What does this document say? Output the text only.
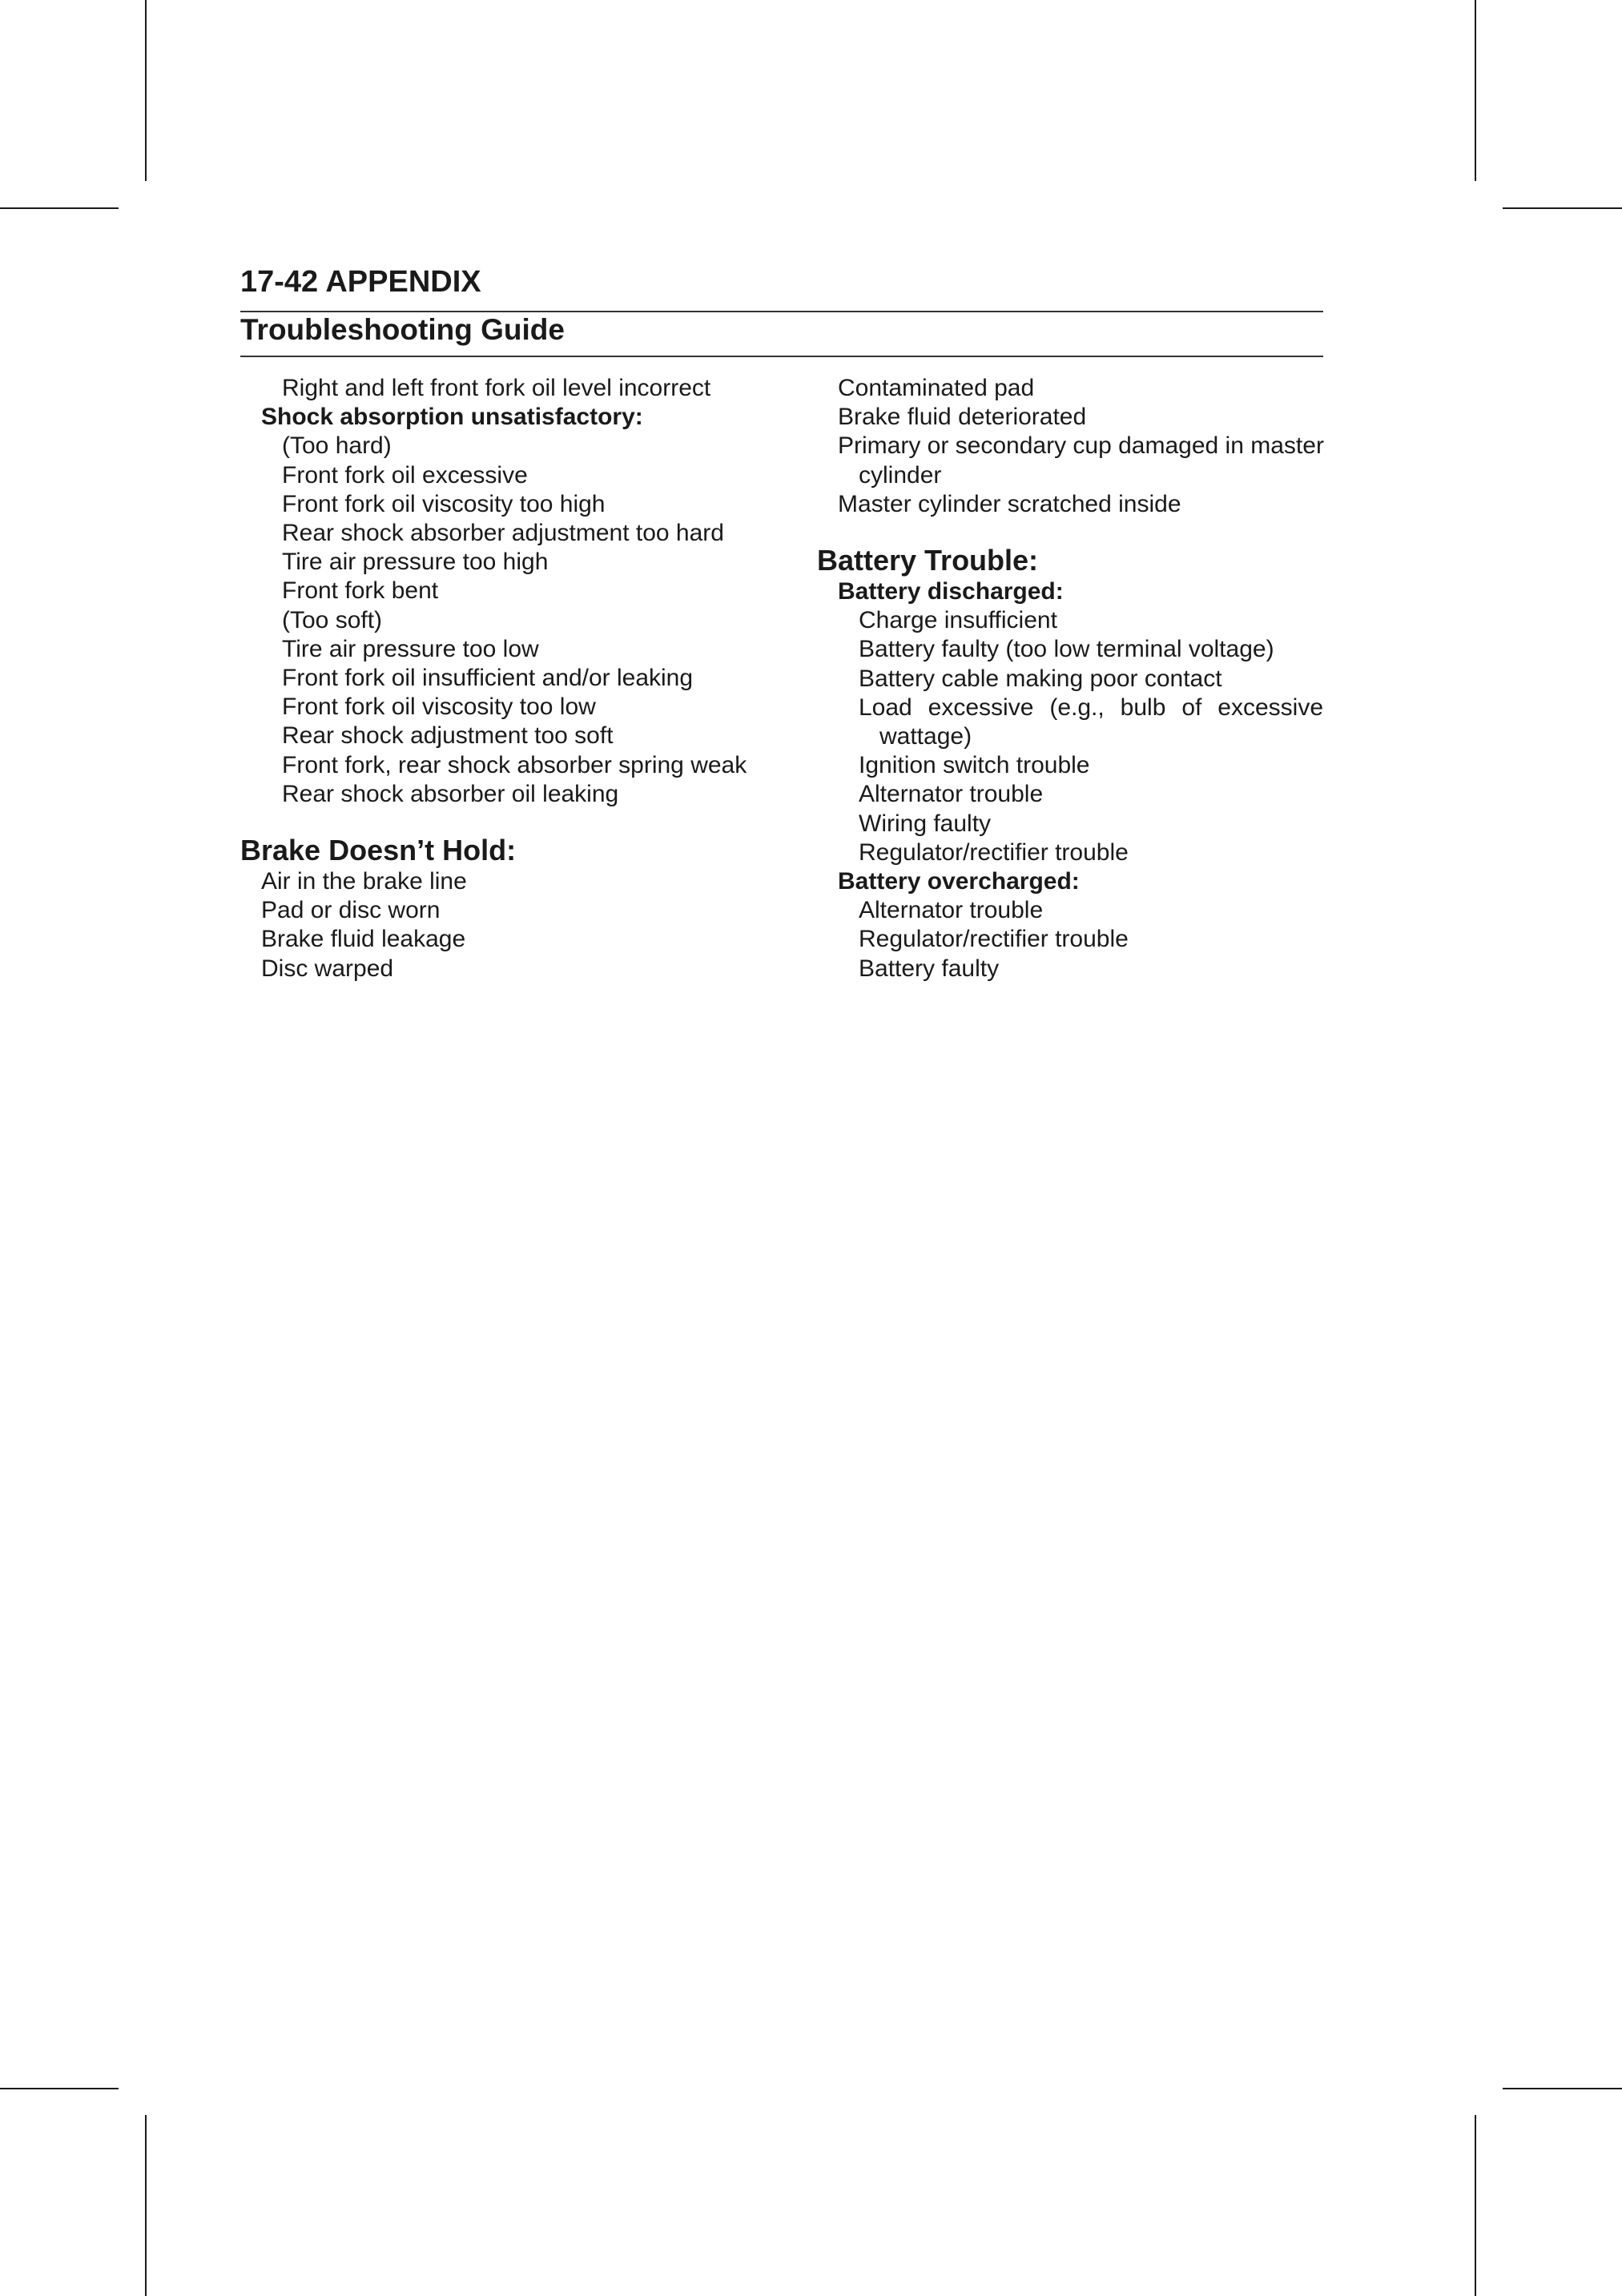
17-42 APPENDIX
Troubleshooting Guide

Right and left front fork oil level incorrect

Shock absorption unsatisfactory:

(Too hard)

Front fork oil excessive

Front fork oil viscosity too high

Rear shock absorber adjustment too hard

Tire air pressure too high

Front fork bent

(Too soft)

Tire air pressure too low

Front fork oil insufficient and/or leaking

Front fork oil viscosity too low

Rear shock adjustment too soft

Front fork, rear shock absorber spring weak

Rear shock absorber oil leaking

Brake Doesn’t Hold:

Air in the brake line

Pad or disc worn

Brake fluid leakage

Disc warped

Contaminated pad

Brake fluid deteriorated

Primary or secondary cup damaged in master

cylinder

Master cylinder scratched inside

Battery Trouble:

Battery discharged:

Charge insufficient

Battery faulty (too low terminal voltage)

Battery cable making poor contact

Load excessive (e.g., bulb of excessive

wattage)

Ignition switch trouble

Alternator trouble

Wiring faulty

Regulator/rectifier trouble

Battery overcharged:

Alternator trouble

Regulator/rectifier trouble

Battery faulty
